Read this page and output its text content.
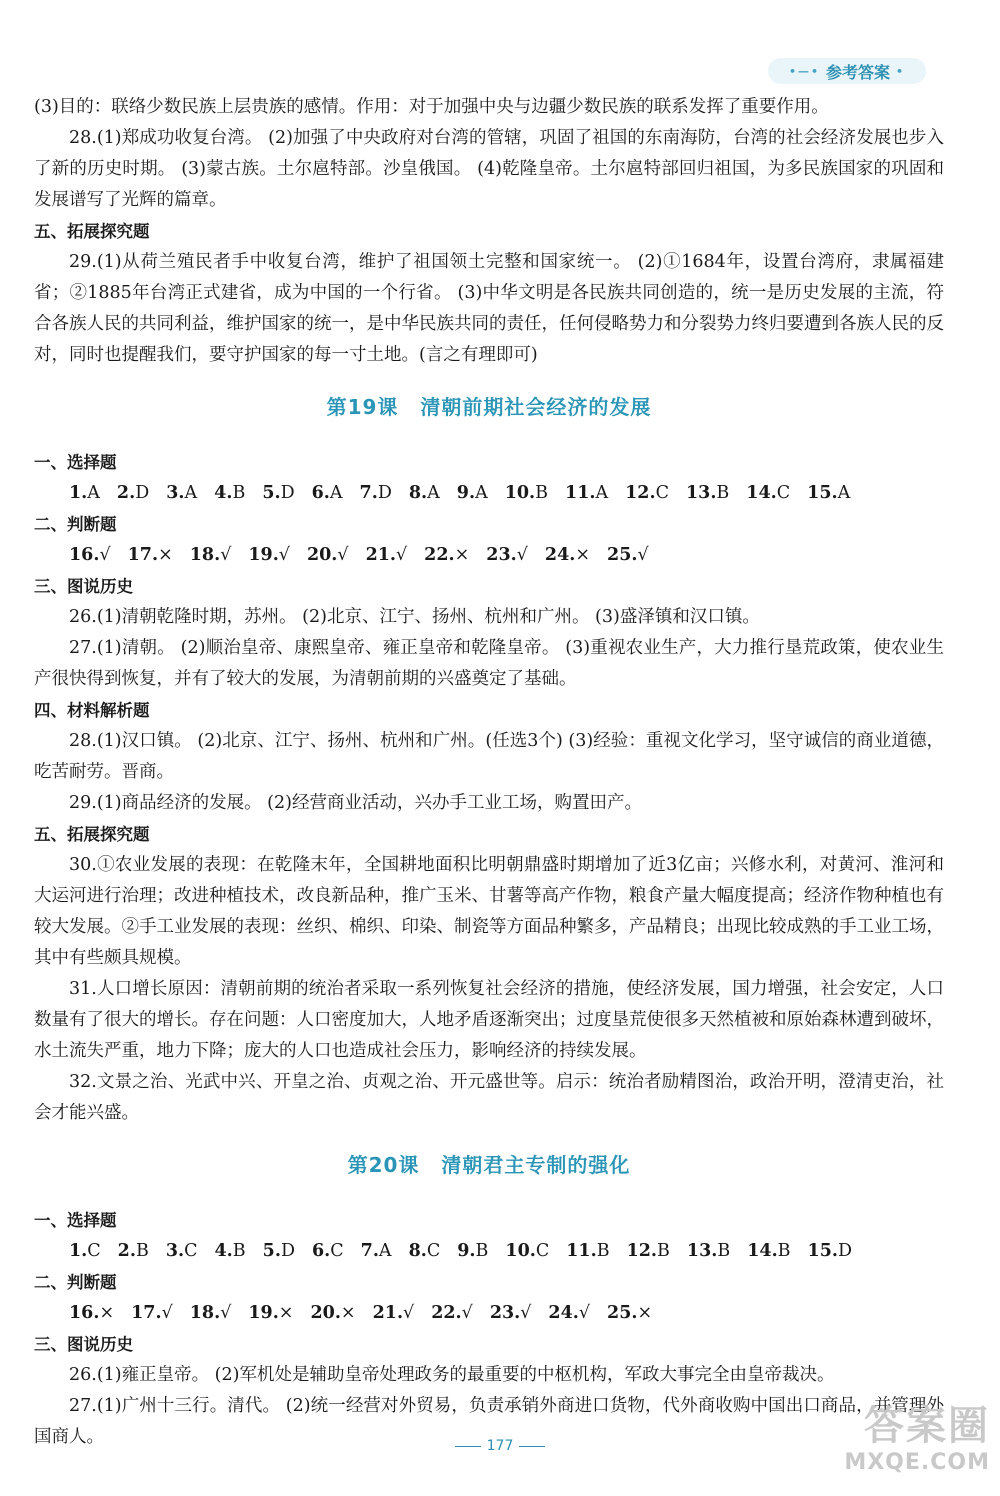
•—• 参考答案 •

(3)目的：联络少数民族上层贵族的感情。作用：对于加强中央与边疆少数民族的联系发挥了重要作用。

28.(1)郑成功收复台湾。 (2)加强了中央政府对台湾的管辖，巩固了祖国的东南海防，台湾的社会经济发展也步入了新的历史时期。 (3)蒙古族。土尔扈特部。沙皇俄国。 (4)乾隆皇帝。土尔扈特部回归祖国，为多民族国家的巩固和发展谱写了光辉的篇章。

五、拓展探究题

29.(1)从荷兰殖民者手中收复台湾，维护了祖国领土完整和国家统一。 (2)①1684年，设置台湾府，隶属福建省；②1885年台湾正式建省，成为中国的一个行省。 (3)中华文明是各民族共同创造的，统一是历史发展的主流，符合各族人民的共同利益，维护国家的统一，是中华民族共同的责任，任何侵略势力和分裂势力终归要遭到各族人民的反对，同时也提醒我们，要守护国家的每一寸土地。(言之有理即可)

第19课 清朝前期社会经济的发展

一、选择题

1.A 2.D 3.A 4.B 5.D 6.A 7.D 8.A 9.A 10.B 11.A 12.C 13.B 14.C 15.A

二、判断题

16.√ 17.× 18.√ 19.√ 20.√ 21.√ 22.× 23.√ 24.× 25.√

三、图说历史

26.(1)清朝乾隆时期，苏州。 (2)北京、江宁、扬州、杭州和广州。 (3)盛泽镇和汉口镇。

27.(1)清朝。 (2)顺治皇帝、康熙皇帝、雍正皇帝和乾隆皇帝。 (3)重视农业生产，大力推行垦荒政策，使农业生产很快得到恢复，并有了较大的发展，为清朝前期的兴盛奠定了基础。

四、材料解析题

28.(1)汉口镇。 (2)北京、江宁、扬州、杭州和广州。(任选3个) (3)经验：重视文化学习，坚守诚信的商业道德，吃苦耐劳。晋商。

29.(1)商品经济的发展。 (2)经营商业活动，兴办手工业工场，购置田产。

五、拓展探究题

30.①农业发展的表现：在乾隆末年，全国耕地面积比明朝鼎盛时期增加了近3亿亩；兴修水利，对黄河、淮河和大运河进行治理；改进种植技术，改良新品种，推广玉米、甘薯等高产作物，粮食产量大幅度提高；经济作物种植也有较大发展。②手工业发展的表现：丝织、棉织、印染、制瓷等方面品种繁多，产品精良；出现比较成熟的手工业工场，其中有些颇具规模。

31.人口增长原因：清朝前期的统治者采取一系列恢复社会经济的措施，使经济发展，国力增强，社会安定，人口数量有了很大的增长。存在问题：人口密度加大，人地矛盾逐渐突出；过度垦荒使很多天然植被和原始森林遭到破坏，水土流失严重，地力下降；庞大的人口也造成社会压力，影响经济的持续发展。

32.文景之治、光武中兴、开皇之治、贞观之治、开元盛世等。启示：统治者励精图治，政治开明，澄清吏治，社会才能兴盛。

第20课 清朝君主专制的强化

一、选择题

1.C 2.B 3.C 4.B 5.D 6.C 7.A 8.C 9.B 10.C 11.B 12.B 13.B 14.B 15.D

二、判断题

16.× 17.√ 18.√ 19.× 20.× 21.√ 22.√ 23.√ 24.√ 25.×

三、图说历史

26.(1)雍正皇帝。 (2)军机处是辅助皇帝处理政务的最重要的中枢机构，军政大事完全由皇帝裁决。

27.(1)广州十三行。清代。 (2)统一经营对外贸易，负责承销外商进口货物，代外商收购中国出口商品，并管理外国商人。	177	答案圈
MXQE.COM
